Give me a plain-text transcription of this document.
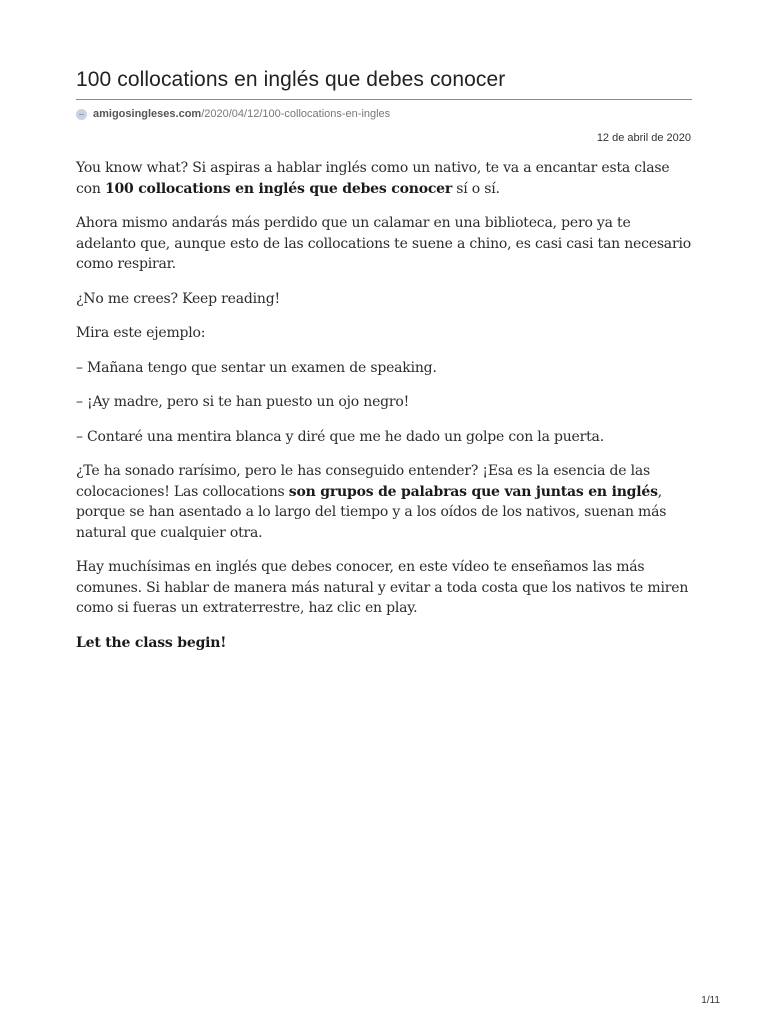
100 collocations en inglés que debes conocer
amigosingleses.com /2020/04/12/100-collocations-en-ingles
12 de abril de 2020

You know what? Si aspiras a hablar inglés como un nativo, te va a encantar esta clase con 100 collocations en inglés que debes conocer sí o sí.

Ahora mismo andarás más perdido que un calamar en una biblioteca, pero ya te adelanto que, aunque esto de las collocations te suene a chino, es casi casi tan necesario como respirar.

¿No me crees? Keep reading!

Mira este ejemplo:

– Mañana tengo que sentar un examen de speaking.

– ¡Ay madre, pero si te han puesto un ojo negro!

– Contaré una mentira blanca y diré que me he dado un golpe con la puerta.

¿Te ha sonado rarísimo, pero le has conseguido entender? ¡Esa es la esencia de las colocaciones! Las collocations son grupos de palabras que van juntas en inglés, porque se han asentado a lo largo del tiempo y a los oídos de los nativos, suenan más natural que cualquier otra.

Hay muchísimas en inglés que debes conocer, en este vídeo te enseñamos las más comunes. Si hablar de manera más natural y evitar a toda costa que los nativos te miren como si fueras un extraterrestre, haz clic en play.

Let the class begin!

1/11
